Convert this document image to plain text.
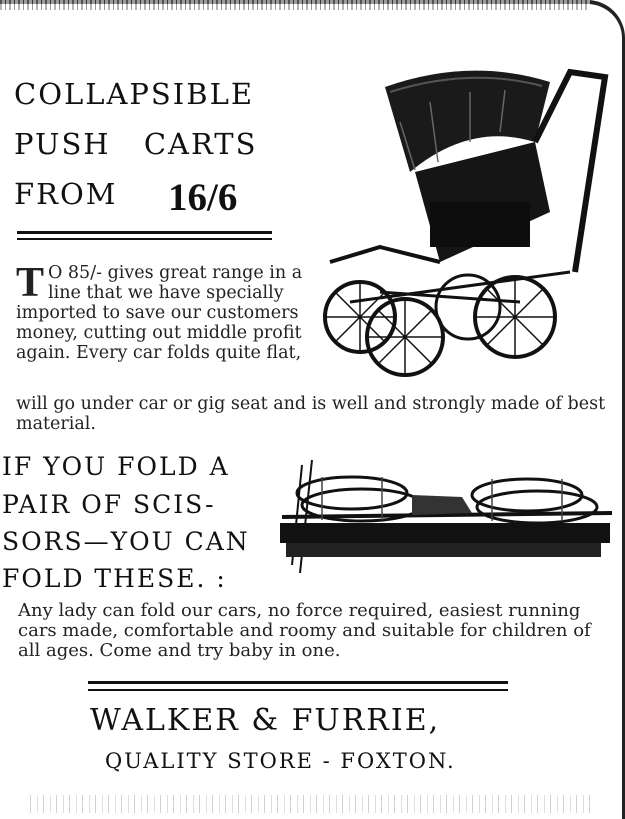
COLLAPSIBLE
PUSH CARTS
FROM 16/6
T O 85/- gives great range in a line that we have specially imported to save our customers money, cutting out middle profit again. Every car folds quite flat,
will go under car or gig seat and is well and strongly made of best material.
IF YOU FOLD A
PAIR OF SCIS-
SORS—YOU CAN
FOLD THESE. :
Any lady can fold our cars, no force required, easiest running cars made, comfortable and roomy and suitable for children of all ages. Come and try baby in one.
WALKER & FURRIE,
QUALITY STORE - FOXTON.
